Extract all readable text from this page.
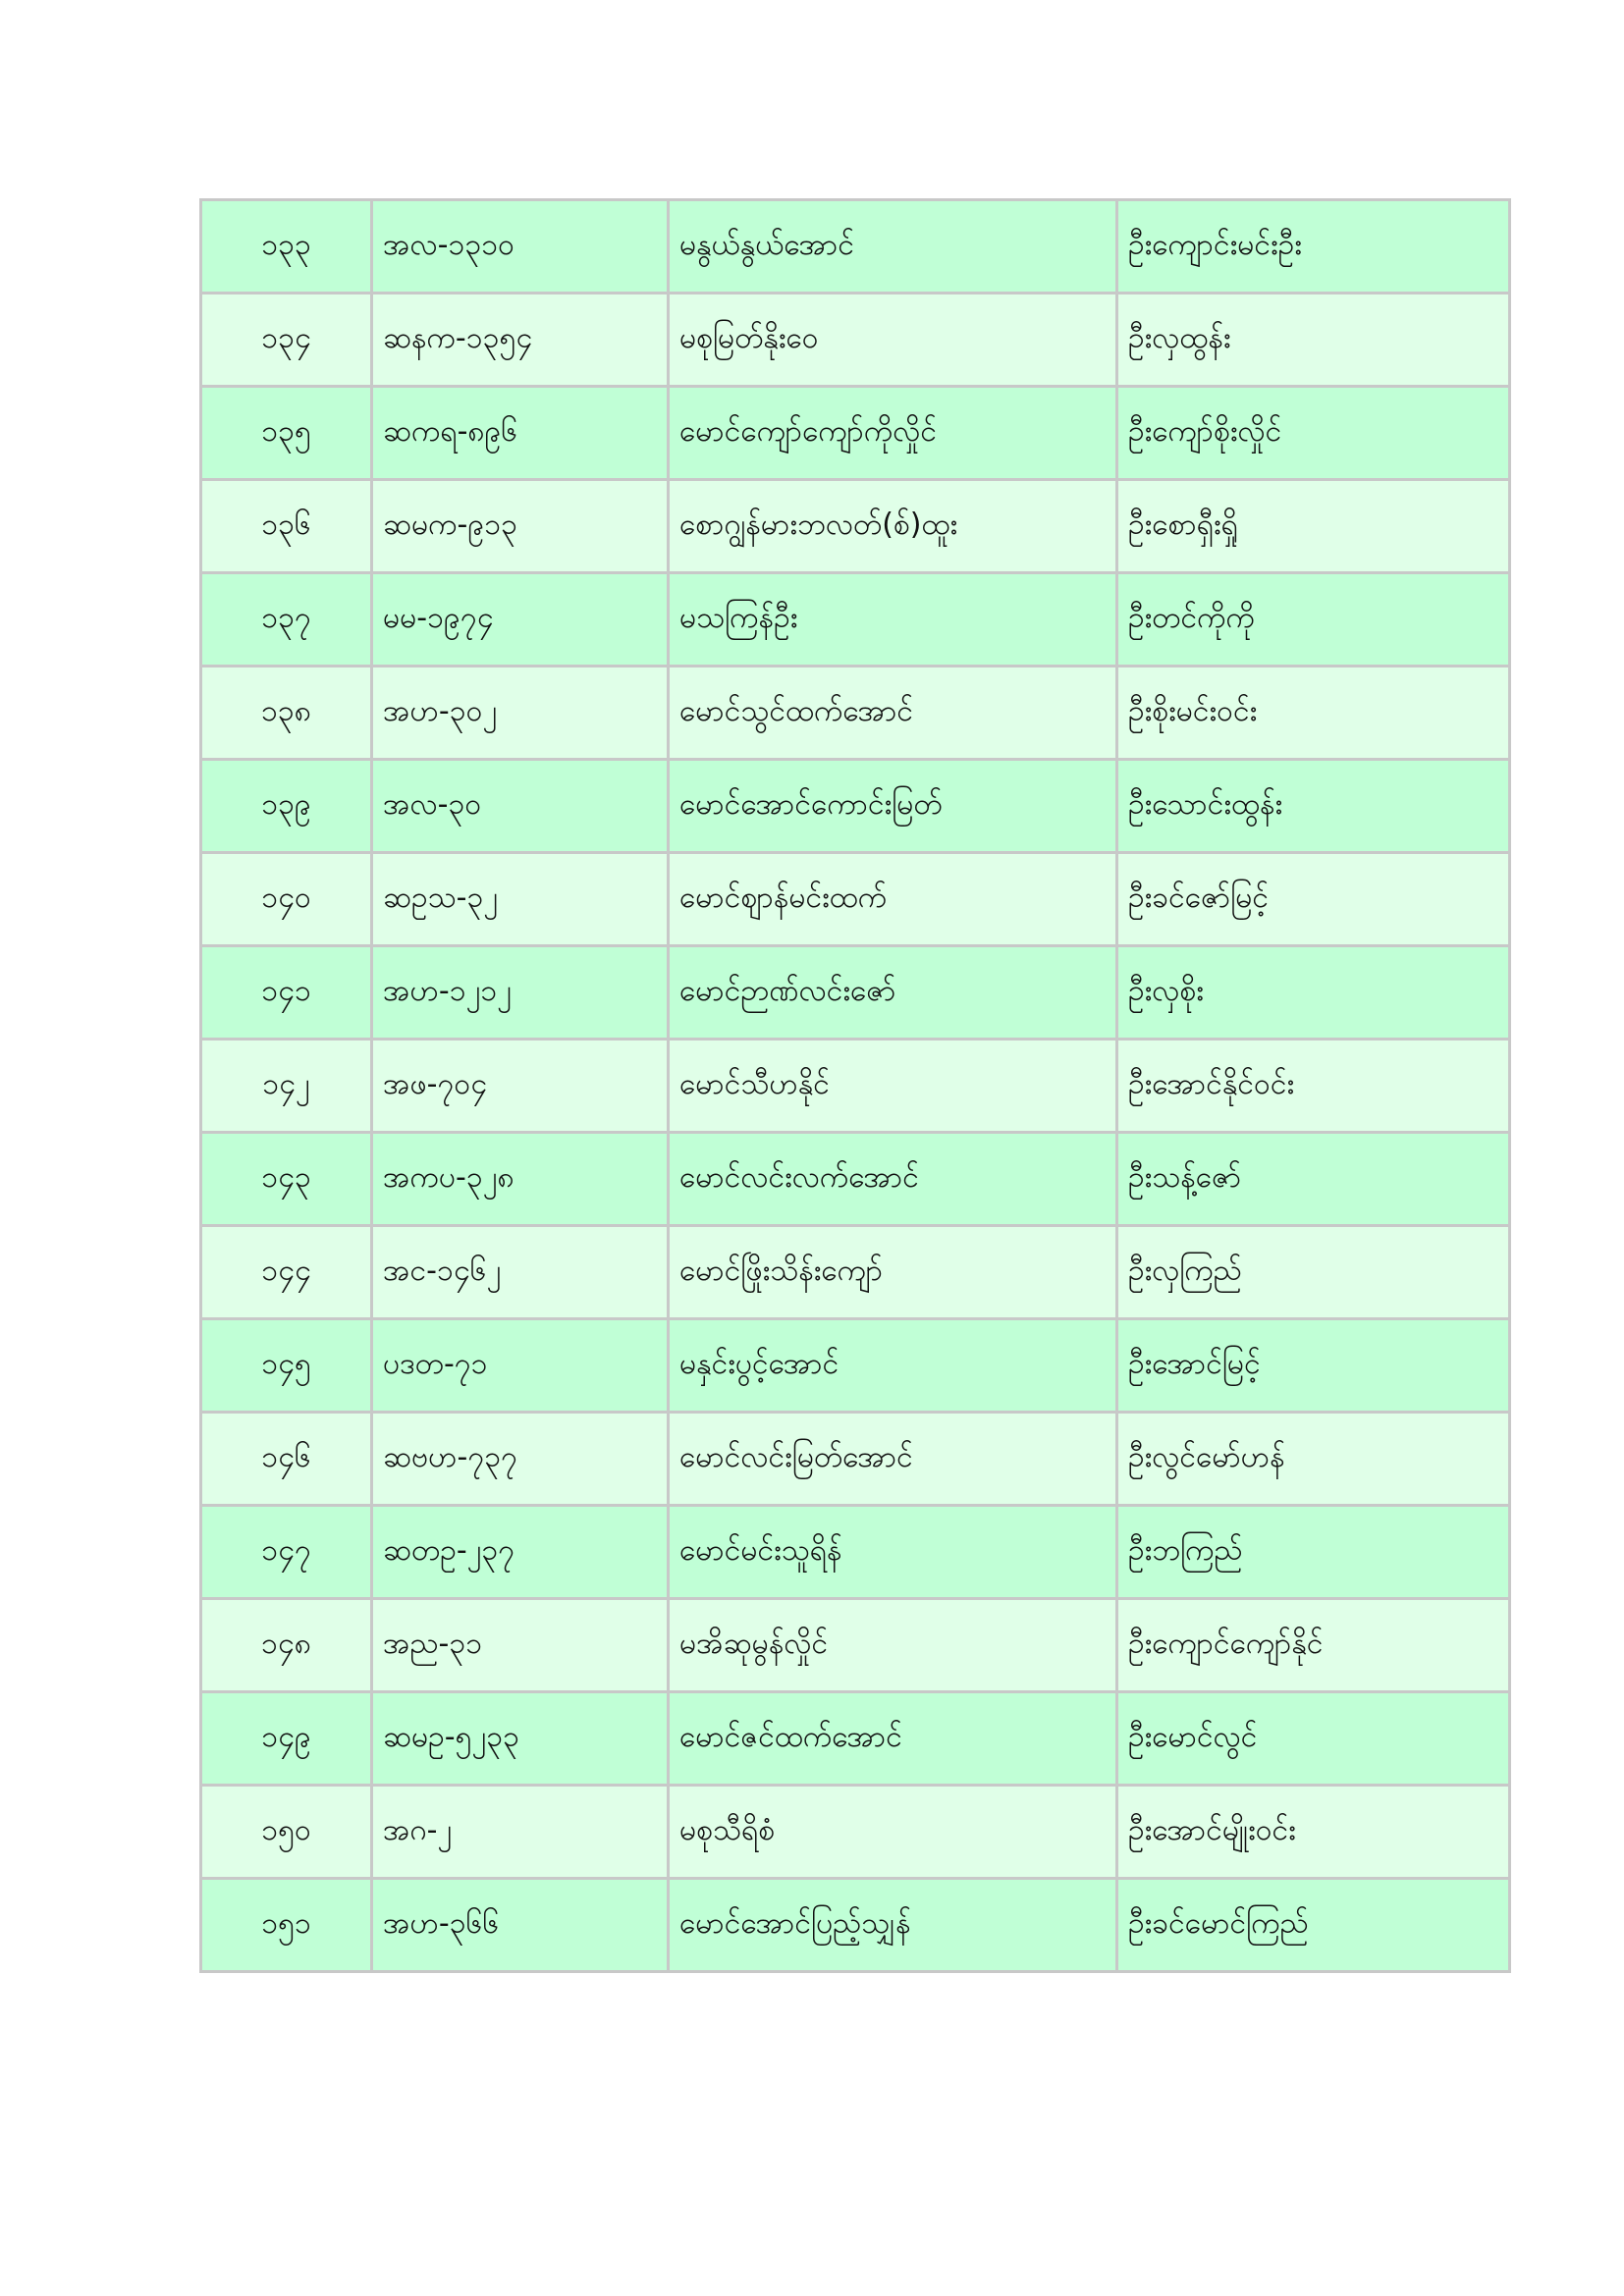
၁၃၃	အလ-၁၃၁၀	မနွယ်နွယ်အောင်	ဦးကျောင်းမင်းဦး
၁၃၄	ဆနက-၁၃၅၄	မစုမြတ်နိုးဝေ	ဦးလှထွန်း
၁၃၅	ဆကရ-၈၉၆	မောင်ကျော်ကျော်ကိုလှိုင်	ဦးကျော်စိုးလှိုင်
၁၃၆	ဆမက-၉၁၃	စောဂျွန်မားဘလတ်(စ်)ထူး	ဦးစောရှီးရှို
၁၃၇	မမ-၁၉၇၄	မသကြန်ဦး	ဦးတင်ကိုကို
၁၃၈	အဟ-၃၀၂	မောင်သွင်ထက်အောင်	ဦးစိုးမင်းဝင်း
၁၃၉	အလ-၃၀	မောင်အောင်ကောင်းမြတ်	ဦးသောင်းထွန်း
၁၄၀	ဆဥသ-၃၂	မောင်ဈာန်မင်းထက်	ဦးခင်ဇော်မြင့်
၁၄၁	အဟ-၁၂၁၂	မောင်ဉာဏ်လင်းဇော်	ဦးလှစိုး
၁၄၂	အဖ-၇၀၄	မောင်သီဟနိုင်	ဦးအောင်နိုင်ဝင်း
၁၄၃	အကပ-၃၂၈	မောင်လင်းလက်အောင်	ဦးသန့်ဇော်
၁၄၄	အင-၁၄၆၂	မောင်ဖြိုးသိန်းကျော်	ဦးလှကြည်
၁၄၅	ပဒတ-၇၁	မနှင်းပွင့်အောင်	ဦးအောင်မြင့်
၁၄၆	ဆဗဟ-၇၃၇	မောင်လင်းမြတ်အောင်	ဦးလွင်မော်ဟန်
၁၄၇	ဆတဥ-၂၃၇	မောင်မင်းသူရိန်	ဦးဘကြည်
၁၄၈	အည-၃၁	မအိဆုမွန်လှိုင်	ဦးကျောင်ကျော်နိုင်
၁၄၉	ဆမဥ-၅၂၃၃	မောင်ဇင်ထက်အောင်	ဦးမောင်လွင်
၁၅၀	အဂ-၂	မစုသီရိစံ	ဦးအောင်မျိုးဝင်း
၁၅၁	အဟ-၃၆၆	မောင်အောင်ပြည့်သျှန်	ဦးခင်မောင်ကြည်
